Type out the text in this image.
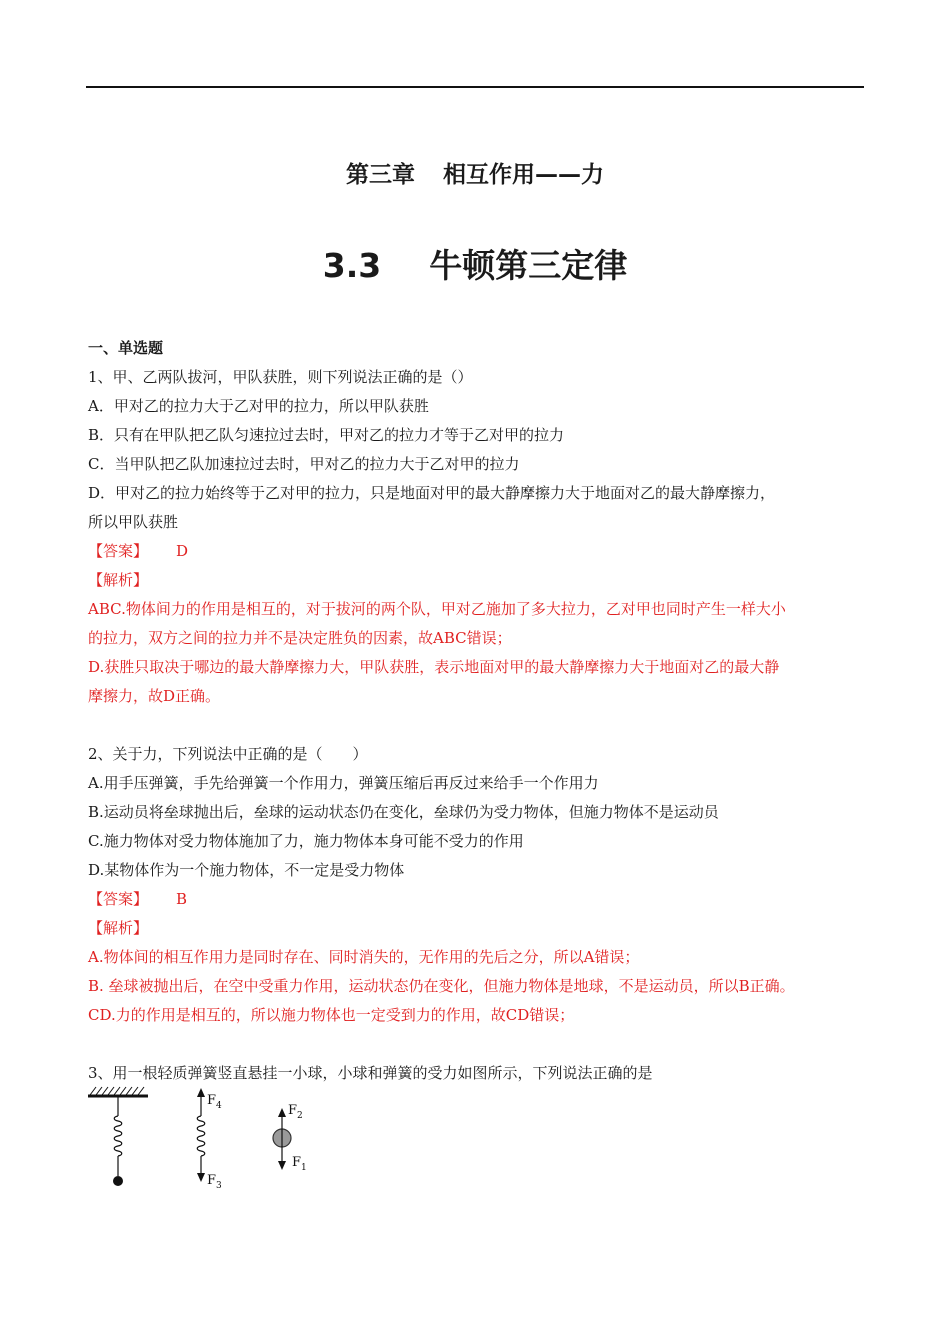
第三章 相互作用——力
3.3 牛顿第三定律
一、单选题
1、甲、乙两队拔河，甲队获胜，则下列说法正确的是（）
A．甲对乙的拉力大于乙对甲的拉力，所以甲队获胜
B．只有在甲队把乙队匀速拉过去时，甲对乙的拉力才等于乙对甲的拉力
C．当甲队把乙队加速拉过去时，甲对乙的拉力大于乙对甲的拉力
D．甲对乙的拉力始终等于乙对甲的拉力，只是地面对甲的最大静摩擦力大于地面对乙的最大静摩擦力，
所以甲队获胜
【答案】 D
【解析】
ABC.物体间力的作用是相互的，对于拔河的两个队，甲对乙施加了多大拉力，乙对甲也同时产生一样大小
的拉力，双方之间的拉力并不是决定胜负的因素，故ABC错误；
D.获胜只取决于哪边的最大静摩擦力大，甲队获胜，表示地面对甲的最大静摩擦力大于地面对乙的最大静
摩擦力，故D正确。
2、关于力，下列说法中正确的是（　　）
A.用手压弹簧，手先给弹簧一个作用力，弹簧压缩后再反过来给手一个作用力
B.运动员将垒球抛出后，垒球的运动状态仍在变化，垒球仍为受力物体，但施力物体不是运动员
C.施力物体对受力物体施加了力，施力物体本身可能不受力的作用
D.某物体作为一个施力物体，不一定是受力物体
【答案】 B
【解析】
A.物体间的相互作用力是同时存在、同时消失的，无作用的先后之分，所以A错误；
B. 垒球被抛出后，在空中受重力作用，运动状态仍在变化，但施力物体是地球，不是运动员，所以B正确。
CD.力的作用是相互的，所以施力物体也一定受到力的作用，故CD错误；
3、用一根轻质弹簧竖直悬挂一小球，小球和弹簧的受力如图所示，下列说法正确的是
$F_4$
$F_3$
$F_2$
$F_1$
